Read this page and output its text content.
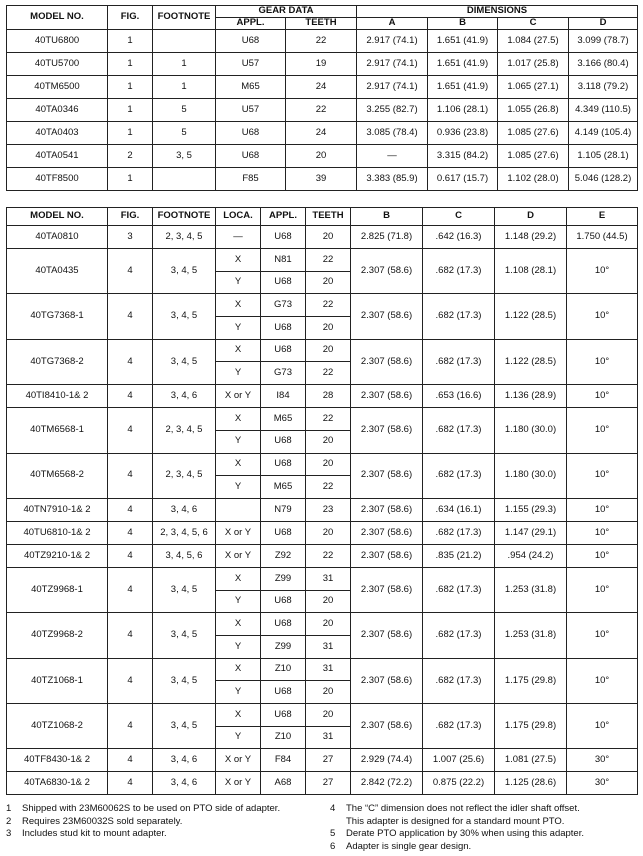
MODEL NO.	FIG.	FOOTNOTE	GEAR DATA		DIMENSIONS			
			APPL.	TEETH	A	B	C	D
40TU6800	1		U68	22	2.917 (74.1)	1.651 (41.9)	1.084 (27.5)	3.099 (78.7)
40TU5700	1	1	U57	19	2.917 (74.1)	1.651 (41.9)	1.017 (25.8)	3.166 (80.4)
40TM6500	1	1	M65	24	2.917 (74.1)	1.651 (41.9)	1.065 (27.1)	3.118 (79.2)
40TA0346	1	5	U57	22	3.255 (82.7)	1.106 (28.1)	1.055 (26.8)	4.349 (110.5)
40TA0403	1	5	U68	24	3.085 (78.4)	0.936 (23.8)	1.085 (27.6)	4.149 (105.4)
40TA0541	2	3, 5	U68	20	—	3.315 (84.2)	1.085 (27.6)	1.105 (28.1)
40TF8500	1		F85	39	3.383 (85.9)	0.617 (15.7)	1.102 (28.0)	5.046 (128.2)
MODEL NO.	FIG.	FOOTNOTE	LOCA.	APPL.	TEETH	B	C	D	E
40TA0810	3	2, 3, 4, 5	—	U68	20	2.825 (71.8)	.642 (16.3)	1.148 (29.2)	1.750 (44.5)
40TA0435	4	3, 4, 5	X	N81	22	2.307 (58.6)	.682 (17.3)	1.108 (28.1)	10°
			Y	U68	20				
40TG7368-1	4	3, 4, 5	X	G73	22	2.307 (58.6)	.682 (17.3)	1.122 (28.5)	10°
			Y	U68	20				
40TG7368-2	4	3, 4, 5	X	U68	20	2.307 (58.6)	.682 (17.3)	1.122 (28.5)	10°
			Y	G73	22				
40TI8410-1& 2	4	3, 4, 6	X or Y	I84	28	2.307 (58.6)	.653 (16.6)	1.136 (28.9)	10°
40TM6568-1	4	2, 3, 4, 5	X	M65	22	2.307 (58.6)	.682 (17.3)	1.180 (30.0)	10°
			Y	U68	20				
40TM6568-2	4	2, 3, 4, 5	X	U68	20	2.307 (58.6)	.682 (17.3)	1.180 (30.0)	10°
			Y	M65	22				
40TN7910-1& 2	4	3, 4, 6		N79	23	2.307 (58.6)	.634 (16.1)	1.155 (29.3)	10°
40TU6810-1& 2	4	2, 3, 4, 5, 6	X or Y	U68	20	2.307 (58.6)	.682 (17.3)	1.147 (29.1)	10°
40TZ9210-1& 2	4	3, 4, 5, 6	X or Y	Z92	22	2.307 (58.6)	.835 (21.2)	.954 (24.2)	10°
40TZ9968-1	4	3, 4, 5	X	Z99	31	2.307 (58.6)	.682 (17.3)	1.253 (31.8)	10°
			Y	U68	20				
40TZ9968-2	4	3, 4, 5	X	U68	20	2.307 (58.6)	.682 (17.3)	1.253 (31.8)	10°
			Y	Z99	31				
40TZ1068-1	4	3, 4, 5	X	Z10	31	2.307 (58.6)	.682 (17.3)	1.175 (29.8)	10°
			Y	U68	20				
40TZ1068-2	4	3, 4, 5	X	U68	20	2.307 (58.6)	.682 (17.3)	1.175 (29.8)	10°
			Y	Z10	31				
40TF8430-1& 2	4	3, 4, 6	X or Y	F84	27	2.929 (74.4)	1.007 (25.6)	1.081 (27.5)	30°
40TA6830-1& 2	4	3, 4, 6	X or Y	A68	27	2.842 (72.2)	0.875 (22.2)	1.125 (28.6)	30°
1	Shipped with 23M60062S to be used on PTO side of adapter.
2	Requires 23M60032S sold separately.
3	Includes stud kit to mount adapter.
4	The “C” dimension does not reflect the idler shaft offset.
This adapter is designed for a standard mount PTO.
5	Derate PTO application by 30% when using this adapter.
6	Adapter is single gear design.
